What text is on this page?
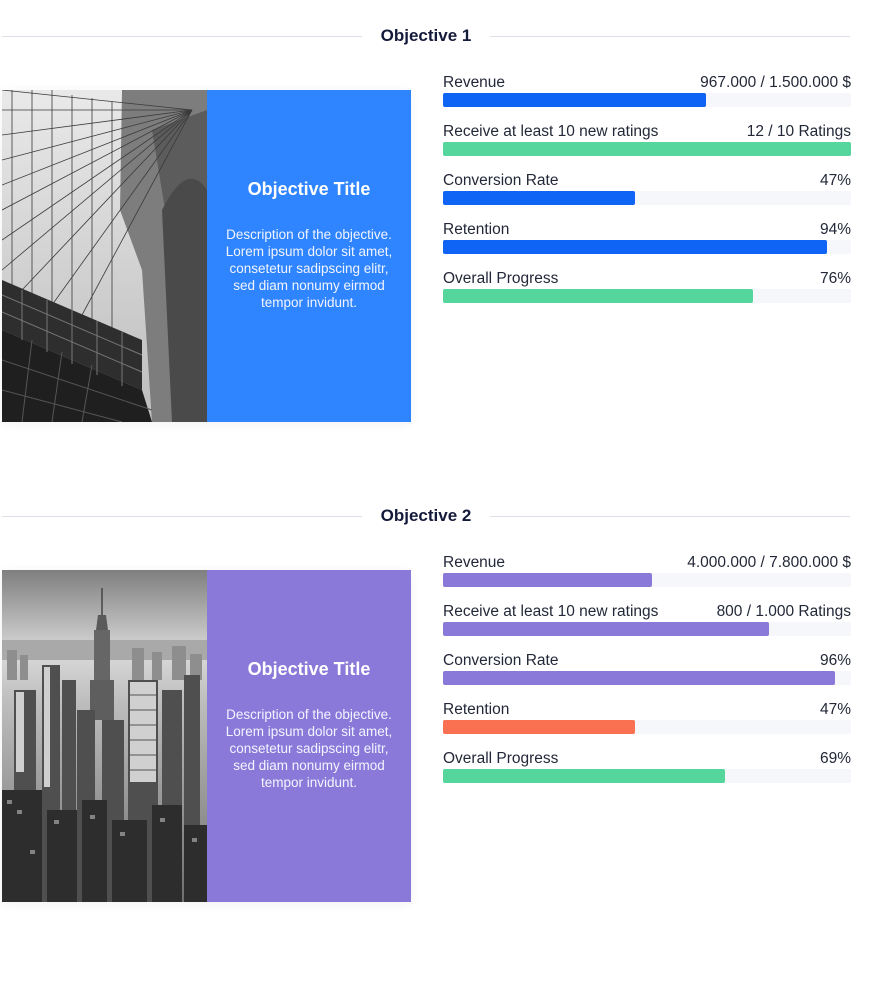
Objective 1
Objective Title
Description of the objective. Lorem ipsum dolor sit amet, consetetur sadipscing elitr,
sed diam nonumy eirmod tempor invidunt.
Revenue	967.000 / 1.500.000 $
Receive at least 10 new ratings	12 / 10 Ratings
Conversion Rate	47%
Retention	94%
Overall Progress	76%
Objective 2
Objective Title
Description of the objective. Lorem ipsum dolor sit amet, consetetur sadipscing elitr,
sed diam nonumy eirmod tempor invidunt.
Revenue	4.000.000 / 7.800.000 $
Receive at least 10 new ratings	800 / 1.000 Ratings
Conversion Rate	96%
Retention	47%
Overall Progress	69%
